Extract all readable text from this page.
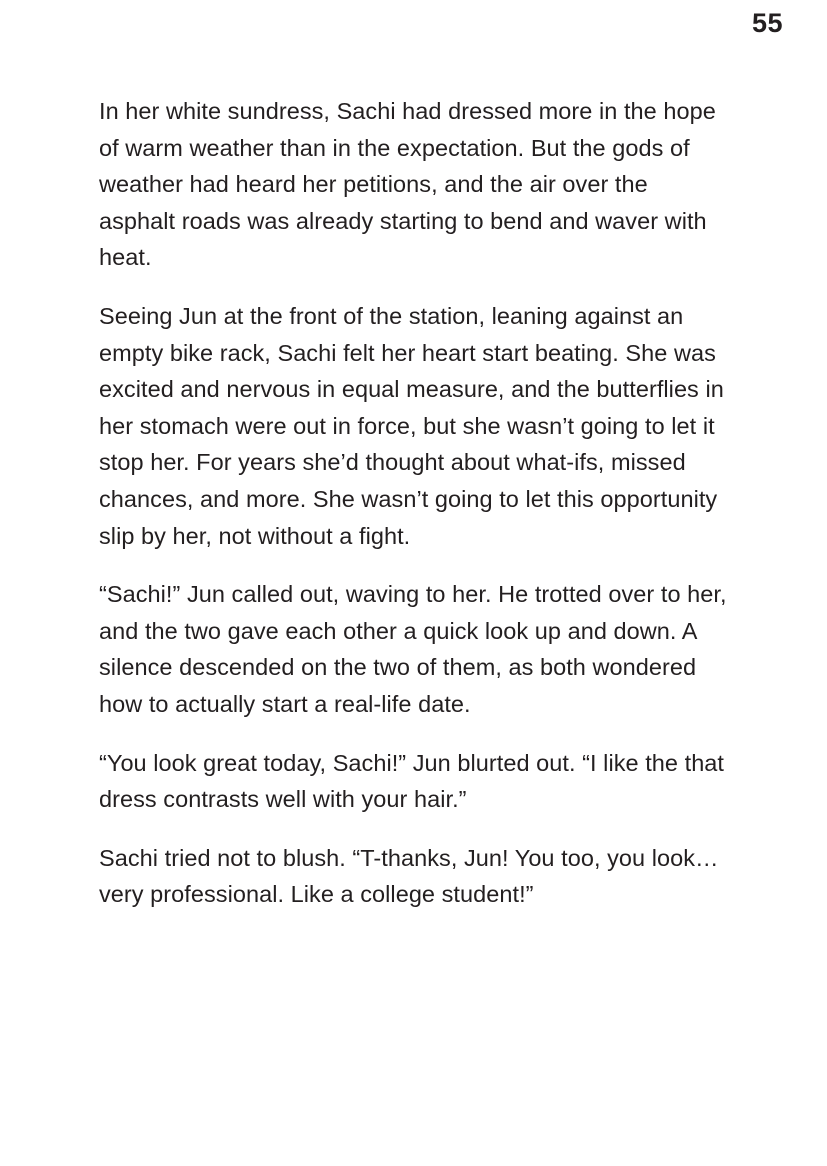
55

In her white sundress, Sachi had dressed more in the hope of warm weather than in the expectation. But the gods of weather had heard her petitions, and the air over the asphalt roads was already starting to bend and waver with heat.

Seeing Jun at the front of the station, leaning against an empty bike rack, Sachi felt her heart start beating. She was excited and nervous in equal measure, and the butterflies in her stomach were out in force, but she wasn’t going to let it stop her. For years she’d thought about what-ifs, missed chances, and more. She wasn’t going to let this opportunity slip by her, not without a fight.

“Sachi!” Jun called out, waving to her. He trotted over to her, and the two gave each other a quick look up and down. A silence descended on the two of them, as both wondered how to actually start a real-life date.

“You look great today, Sachi!” Jun blurted out. “I like the that dress contrasts well with your hair.”

Sachi tried not to blush. “T-thanks, Jun! You too, you look… very professional. Like a college student!”
